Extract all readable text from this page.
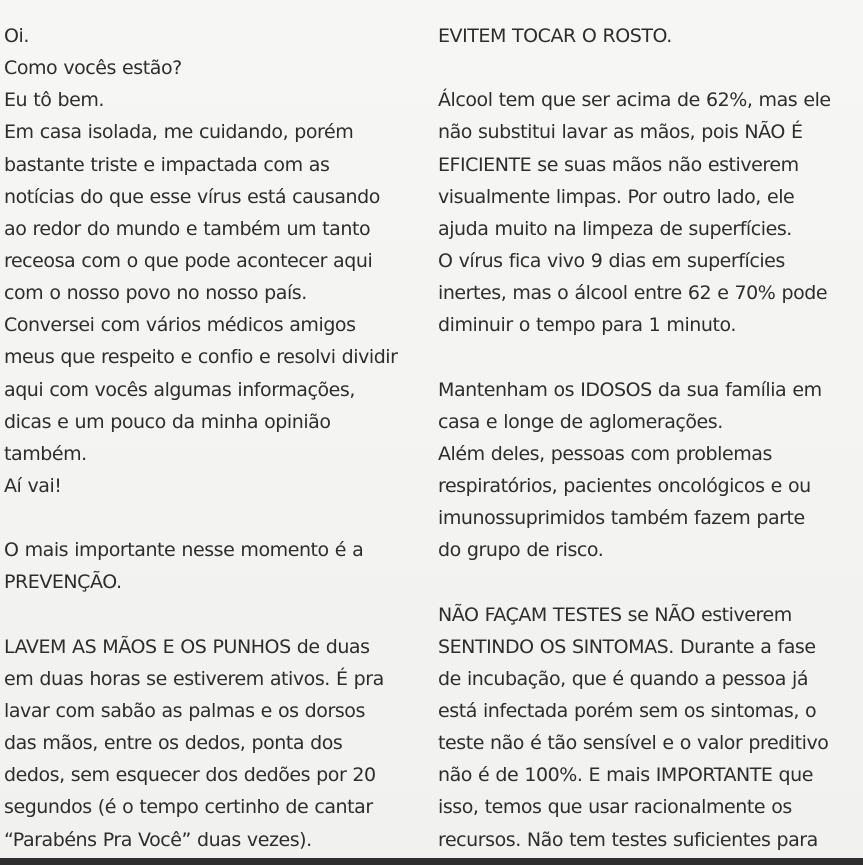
Oi.
Como vocês estão?
Eu tô bem.
Em casa isolada, me cuidando, porém
bastante triste e impactada com as
notícias do que esse vírus está causando
ao redor do mundo e também um tanto
receosa com o que pode acontecer aqui
com o nosso povo no nosso país.
Conversei com vários médicos amigos
meus que respeito e confio e resolvi dividir
aqui com vocês algumas informações,
dicas e um pouco da minha opinião
também.
Aí vai!
O mais importante nesse momento é a
PREVENÇÃO.
LAVEM AS MÃOS E OS PUNHOS de duas
em duas horas se estiverem ativos. É pra
lavar com sabão as palmas e os dorsos
das mãos, entre os dedos, ponta dos
dedos, sem esquecer dos dedões por 20
segundos (é o tempo certinho de cantar
“Parabéns Pra Você” duas vezes).
EVITEM TOCAR O ROSTO.
Álcool tem que ser acima de 62%, mas ele
não substitui lavar as mãos, pois NÃO É
EFICIENTE se suas mãos não estiverem
visualmente limpas. Por outro lado, ele
ajuda muito na limpeza de superfícies.
O vírus fica vivo 9 dias em superfícies
inertes, mas o álcool entre 62 e 70% pode
diminuir o tempo para 1 minuto.
Mantenham os IDOSOS da sua família em
casa e longe de aglomerações.
Além deles, pessoas com problemas
respiratórios, pacientes oncológicos e ou
imunossuprimidos também fazem parte
do grupo de risco.
NÃO FAÇAM TESTES se NÃO estiverem
SENTINDO OS SINTOMAS. Durante a fase
de incubação, que é quando a pessoa já
está infectada porém sem os sintomas, o
teste não é tão sensível e o valor preditivo
não é de 100%. E mais IMPORTANTE que
isso, temos que usar racionalmente os
recursos. Não tem testes suficientes para
